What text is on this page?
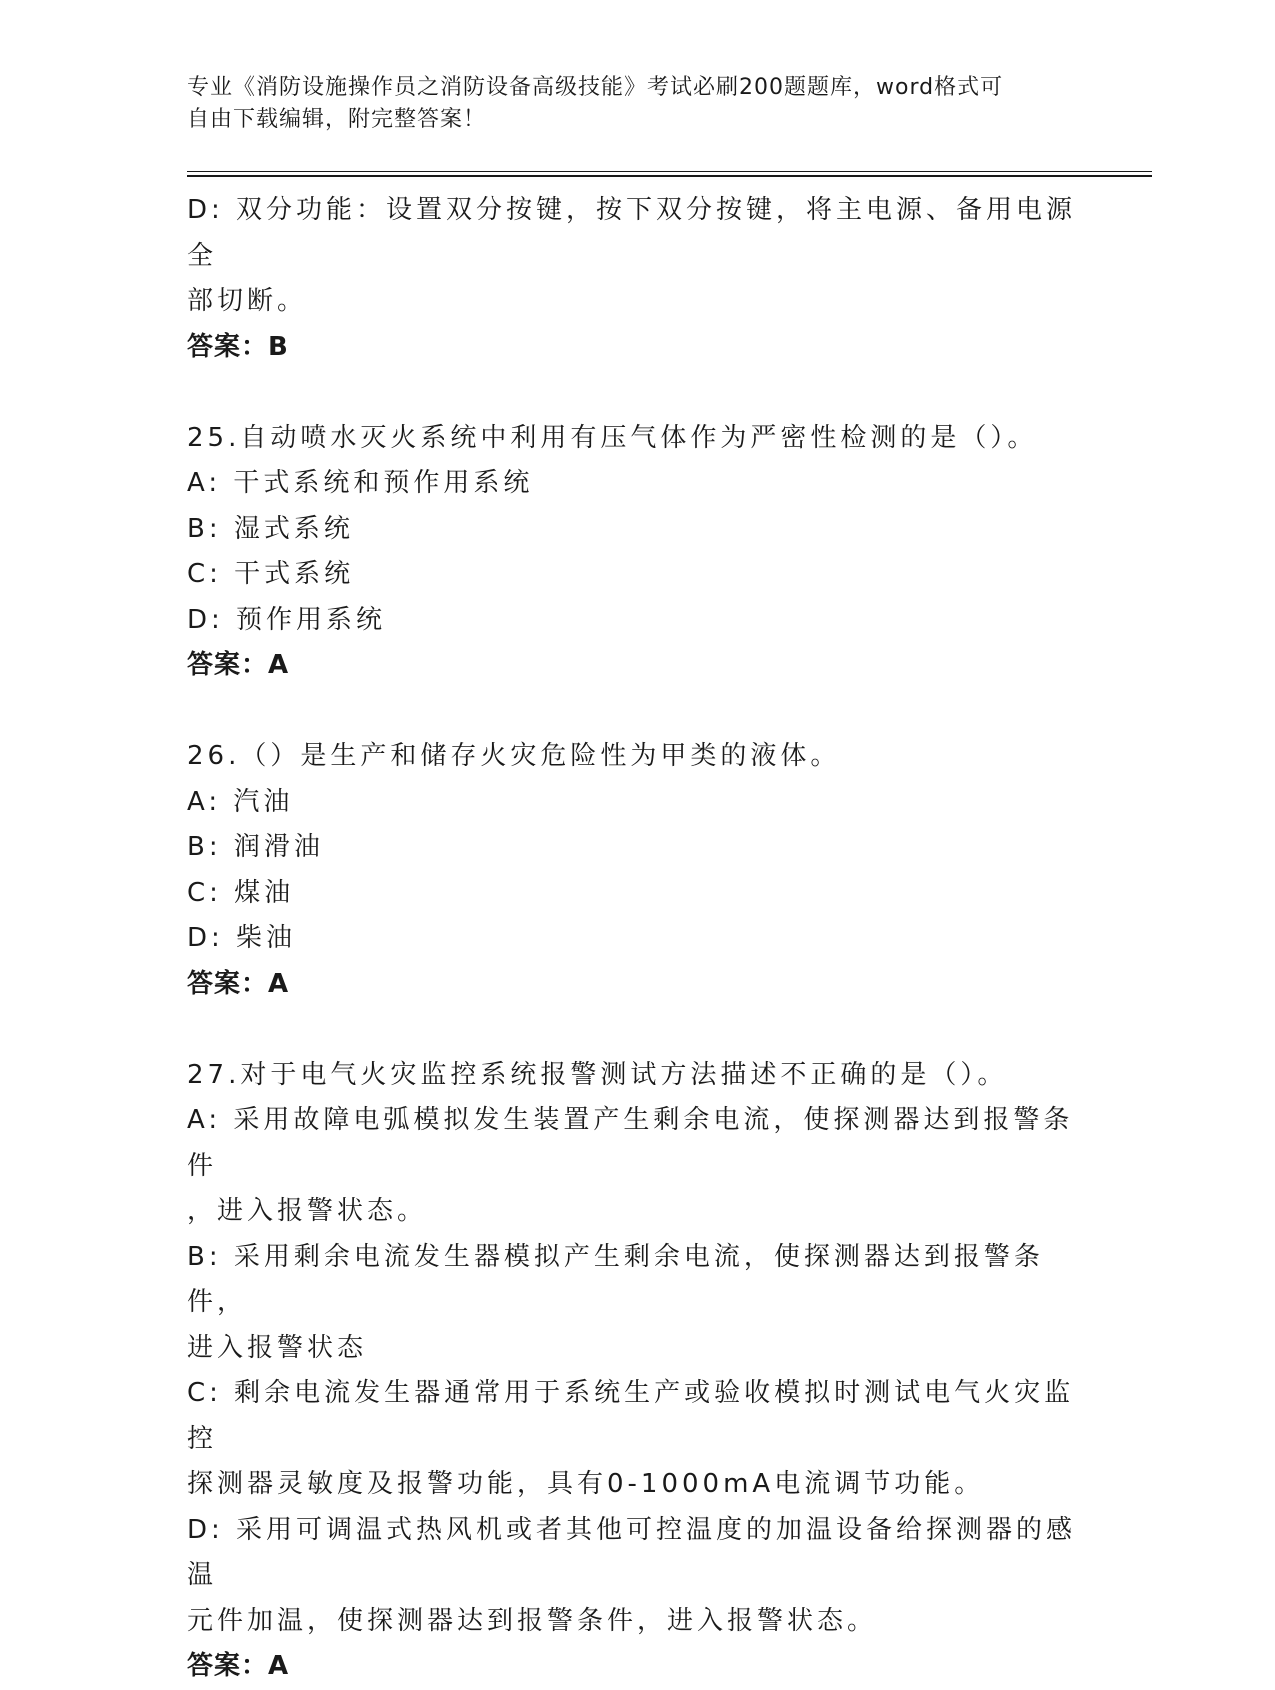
专业《消防设施操作员之消防设备高级技能》考试必刷200题题库，word格式可
自由下载编辑，附完整答案！

D: 双分功能：设置双分按键，按下双分按键，将主电源、备用电源全

部切断。

答案：B

25.自动喷水灭火系统中利用有压气体作为严密性检测的是（）。

A: 干式系统和预作用系统

B: 湿式系统

C: 干式系统

D: 预作用系统

答案：A

26.（）是生产和储存火灾危险性为甲类的液体。

A: 汽油

B: 润滑油

C: 煤油

D: 柴油

答案：A

27.对于电气火灾监控系统报警测试方法描述不正确的是（）。

A: 采用故障电弧模拟发生装置产生剩余电流，使探测器达到报警条件

，进入报警状态。

B: 采用剩余电流发生器模拟产生剩余电流，使探测器达到报警条件，

进入报警状态

C: 剩余电流发生器通常用于系统生产或验收模拟时测试电气火灾监控

探测器灵敏度及报警功能，具有0-1000mA电流调节功能。

D: 采用可调温式热风机或者其他可控温度的加温设备给探测器的感温

元件加温，使探测器达到报警条件，进入报警状态。

答案：A
